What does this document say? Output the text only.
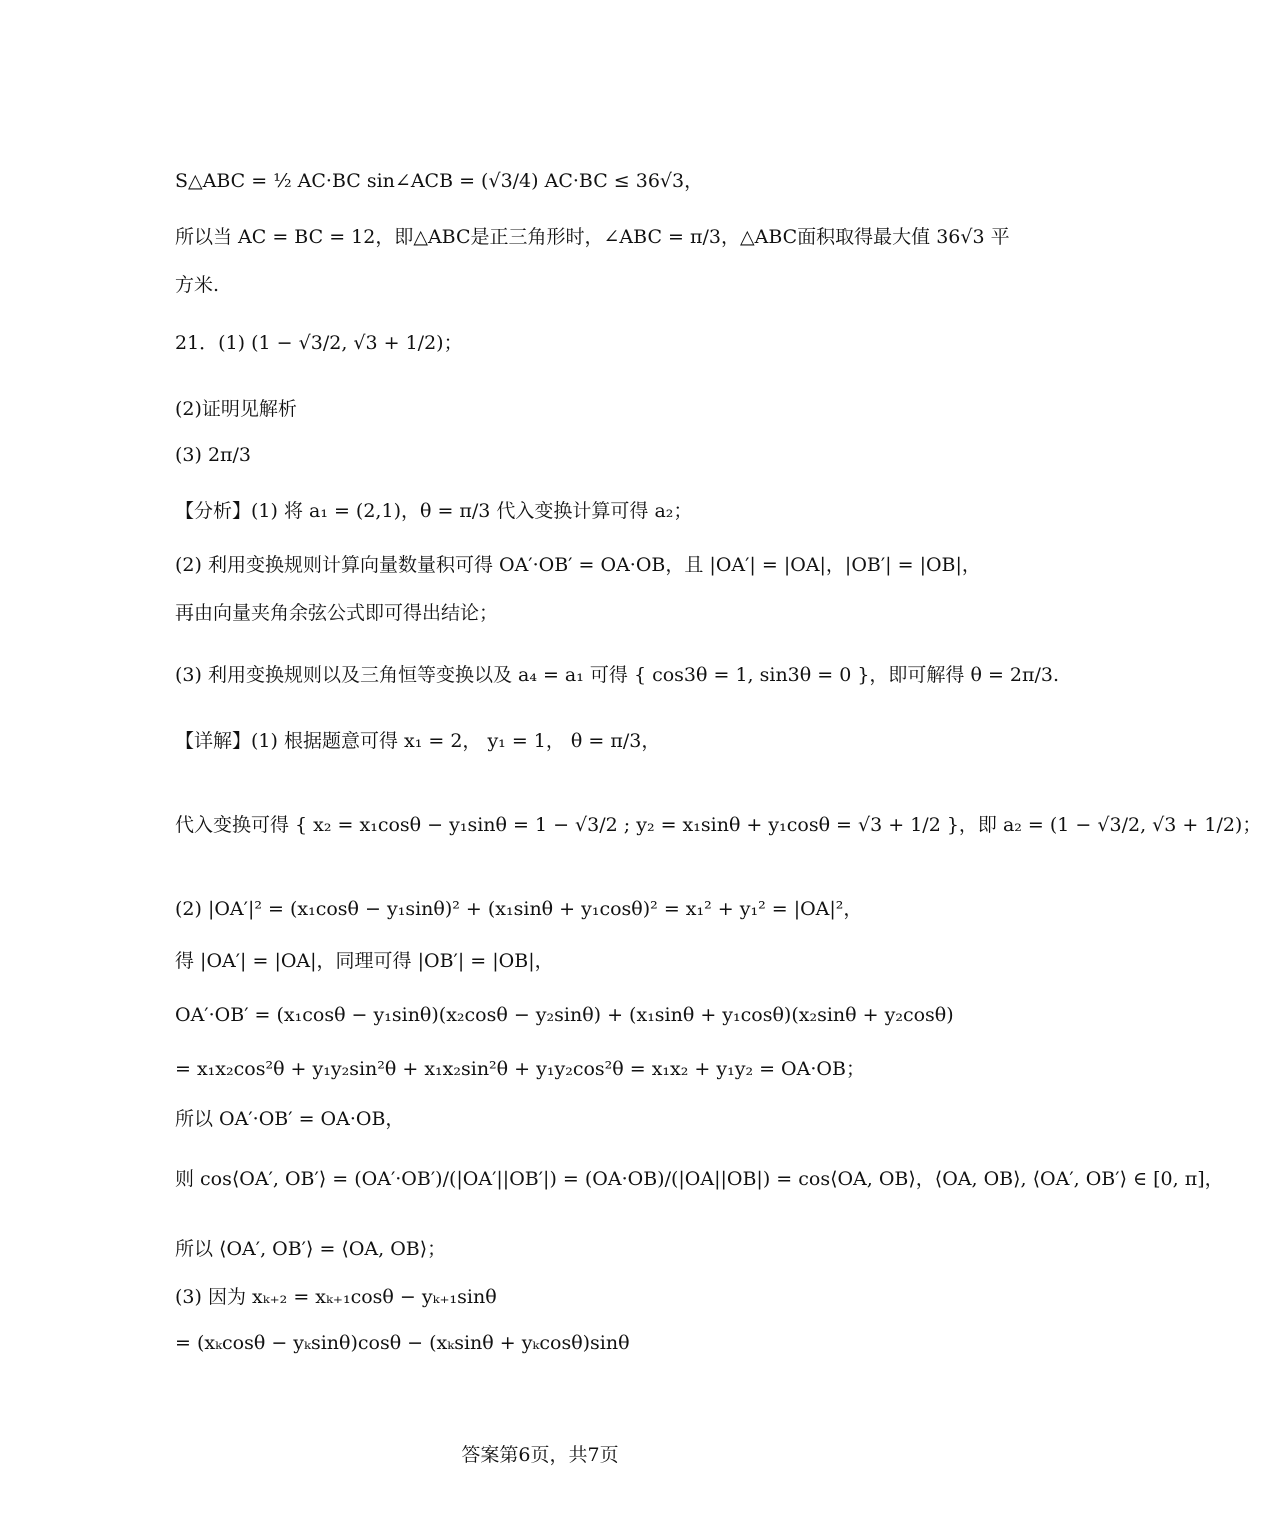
S△ABC = ½ AC·BC sin∠ACB = (√3/4) AC·BC ≤ 36√3，
所以当 AC = BC = 12，即△ABC是正三角形时，∠ABC = π/3，△ABC面积取得最大值 36√3 平
方米.
21．(1) (1 − √3/2, √3 + 1/2)；
(2)证明见解析
(3) 2π/3
【分析】(1) 将 a₁ = (2,1)，θ = π/3 代入变换计算可得 a₂；
(2) 利用变换规则计算向量数量积可得 OA′·OB′ = OA·OB，且 |OA′| = |OA|，|OB′| = |OB|，
再由向量夹角余弦公式即可得出结论；
(3) 利用变换规则以及三角恒等变换以及 a₄ = a₁ 可得 { cos3θ = 1, sin3θ = 0 }，即可解得 θ = 2π/3.
【详解】(1) 根据题意可得 x₁ = 2， y₁ = 1， θ = π/3，
代入变换可得 { x₂ = x₁cosθ − y₁sinθ = 1 − √3/2 ; y₂ = x₁sinθ + y₁cosθ = √3 + 1/2 }，即 a₂ = (1 − √3/2, √3 + 1/2)；
(2) |OA′|² = (x₁cosθ − y₁sinθ)² + (x₁sinθ + y₁cosθ)² = x₁² + y₁² = |OA|²，
得 |OA′| = |OA|，同理可得 |OB′| = |OB|，
OA′·OB′ = (x₁cosθ − y₁sinθ)(x₂cosθ − y₂sinθ) + (x₁sinθ + y₁cosθ)(x₂sinθ + y₂cosθ)
= x₁x₂cos²θ + y₁y₂sin²θ + x₁x₂sin²θ + y₁y₂cos²θ = x₁x₂ + y₁y₂ = OA·OB；
所以 OA′·OB′ = OA·OB，
则 cos⟨OA′, OB′⟩ = (OA′·OB′)/(|OA′||OB′|) = (OA·OB)/(|OA||OB|) = cos⟨OA, OB⟩，⟨OA, OB⟩, ⟨OA′, OB′⟩ ∈ [0, π]，
所以 ⟨OA′, OB′⟩ = ⟨OA, OB⟩；
(3) 因为 xₖ₊₂ = xₖ₊₁cosθ − yₖ₊₁sinθ
= (xₖcosθ − yₖsinθ)cosθ − (xₖsinθ + yₖcosθ)sinθ
答案第6页，共7页
